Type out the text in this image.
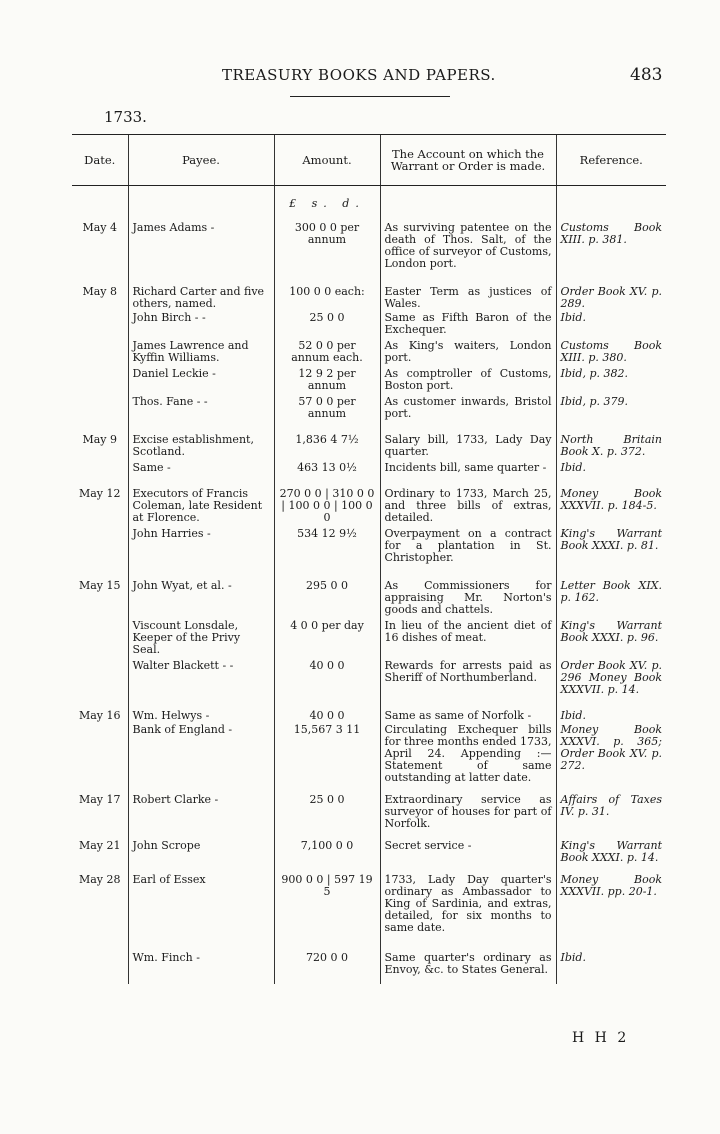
TREASURY BOOKS AND PAPERS.	483
1733.
Date.	Payee.	Amount.	The Account on which the Warrant or Order is made.	Reference.

		£ s. d.		

May 4	James Adams -	300 0 0 per annum	As surviving patentee on the death of Thos. Salt, of the office of surveyor of Customs, London port.	Customs Book XIII. p. 381.

May 8	Richard Carter and five others, named.	100 0 0 each:	Easter Term as justices of Wales.	Order Book XV. p. 289.

	John Birch - -	25 0 0	Same as Fifth Baron of the Exchequer.	Ibid.

	James Lawrence and Kyffin Williams.	52 0 0 per annum each.	As King's waiters, London port.	Customs Book XIII. p. 380.

	Daniel Leckie -	12 9 2 per annum	As comptroller of Customs, Boston port.	Ibid, p. 382.

	Thos. Fane - -	57 0 0 per annum	As customer inwards, Bristol port.	Ibid, p. 379.

May 9	Excise establishment, Scotland.	1,836 4 7½	Salary bill, 1733, Lady Day quarter.	North Britain Book X. p. 372.

	Same -	463 13 0½	Incidents bill, same quarter -	Ibid.

May 12	Executors of Francis Coleman, late Resident at Florence.	270 0 0 | 310 0 0 | 100 0 0 | 100 0 0	Ordinary to 1733, March 25, and three bills of extras, detailed.	Money Book XXXVII. p. 184-5.

	John Harries -	534 12 9½	Overpayment on a contract for a plantation in St. Christopher.	King's Warrant Book XXXI. p. 81.

May 15	John Wyat, et al. -	295 0 0	As Commissioners for appraising Mr. Norton's goods and chattels.	Letter Book XIX. p. 162.

	Viscount Lonsdale, Keeper of the Privy Seal.	4 0 0 per day	In lieu of the ancient diet of 16 dishes of meat.	King's Warrant Book XXXI. p. 96.

	Walter Blackett - -	40 0 0	Rewards for arrests paid as Sheriff of Northumberland.	Order Book XV. p. 296 Money Book XXXVII. p. 14.

May 16	Wm. Helwys -	40 0 0	Same as same of Norfolk -	Ibid.

	Bank of England -	15,567 3 11	Circulating Exchequer bills for three months ended 1733, April 24. Appending :—Statement of same outstanding at latter date.	Money Book XXXVI. p. 365; Order Book XV. p. 272.

May 17	Robert Clarke -	25 0 0	Extraordinary service as surveyor of houses for part of Norfolk.	Affairs of Taxes IV. p. 31.

May 21	John Scrope	7,100 0 0	Secret service -	King's Warrant Book XXXI. p. 14.

May 28	Earl of Essex	900 0 0 | 597 19 5	1733, Lady Day quarter's ordinary as Ambassador to King of Sardinia, and extras, detailed, for six months to same date.	Money Book XXXVII. pp. 20-1.

	Wm. Finch -	720 0 0	Same quarter's ordinary as Envoy, &c. to States General.	Ibid.

H H 2
